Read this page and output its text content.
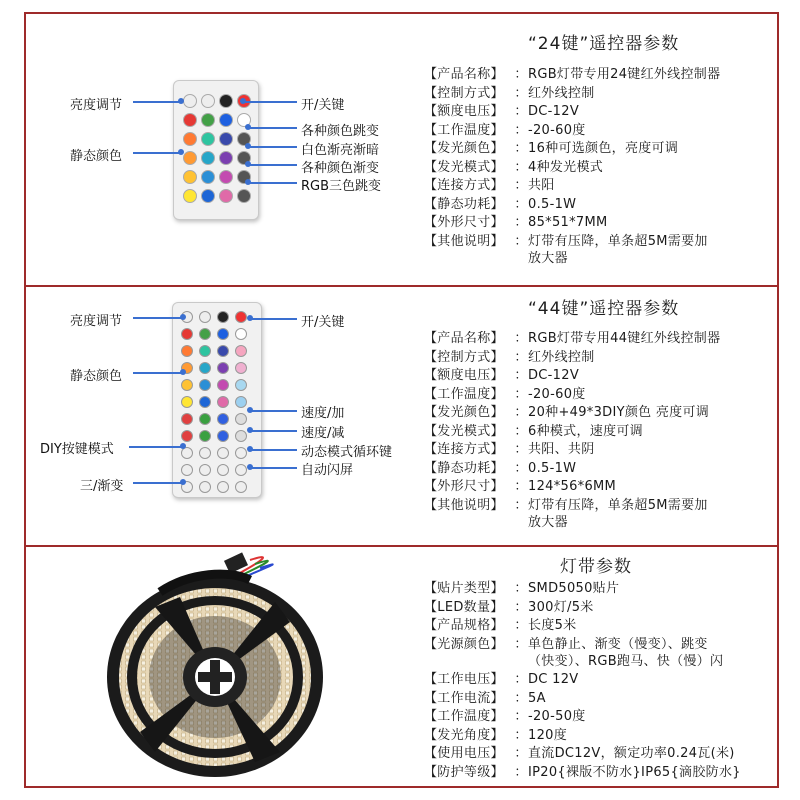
“24键”遥控器参数
亮度调节
静态颜色
开/关键
各种颜色跳变
白色渐亮渐暗
各种颜色渐变
RGB三色跳变
【产品名称】 ： RGB灯带专用24键红外线控制器
【控制方式】 ： 红外线控制
【额度电压】 ： DC-12V
【工作温度】 ： -20-60度
【发光颜色】 ： 16种可选颜色，亮度可调
【发光模式】 ： 4种发光模式
【连接方式】 ： 共阳
【静态功耗】 ： 0.5-1W
【外形尺寸】 ： 85*51*7MM
【其他说明】 ： 灯带有压降，单条超5M需要加
放大器
“44键”遥控器参数
亮度调节
静态颜色
DIY按键模式
三/渐变
开/关键
速度/加
速度/减
动态模式循环键
自动闪屏
【产品名称】 ： RGB灯带专用44键红外线控制器
【控制方式】 ： 红外线控制
【额度电压】 ： DC-12V
【工作温度】 ： -20-60度
【发光颜色】 ： 20种+49*3DIY颜色 亮度可调
【发光模式】 ： 6种模式，速度可调
【连接方式】 ： 共阳、共阴
【静态功耗】 ： 0.5-1W
【外形尺寸】 ： 124*56*6MM
【其他说明】 ： 灯带有压降，单条超5M需要加
放大器
灯带参数
【贴片类型】 ： SMD5050贴片
【LED数量】 ： 300灯/5米
【产品规格】 ： 长度5米
【光源颜色】 ： 单色静止、渐变（慢变）、跳变
（快变）、RGB跑马、快（慢）闪
【工作电压】 ： DC 12V
【工作电流】 ： 5A
【工作温度】 ： -20-50度
【发光角度】 ： 120度
【使用电压】 ： 直流DC12V，额定功率0.24瓦(米)
【防护等级】 ： IP20{裸版不防水}IP65{滴胶防水}
